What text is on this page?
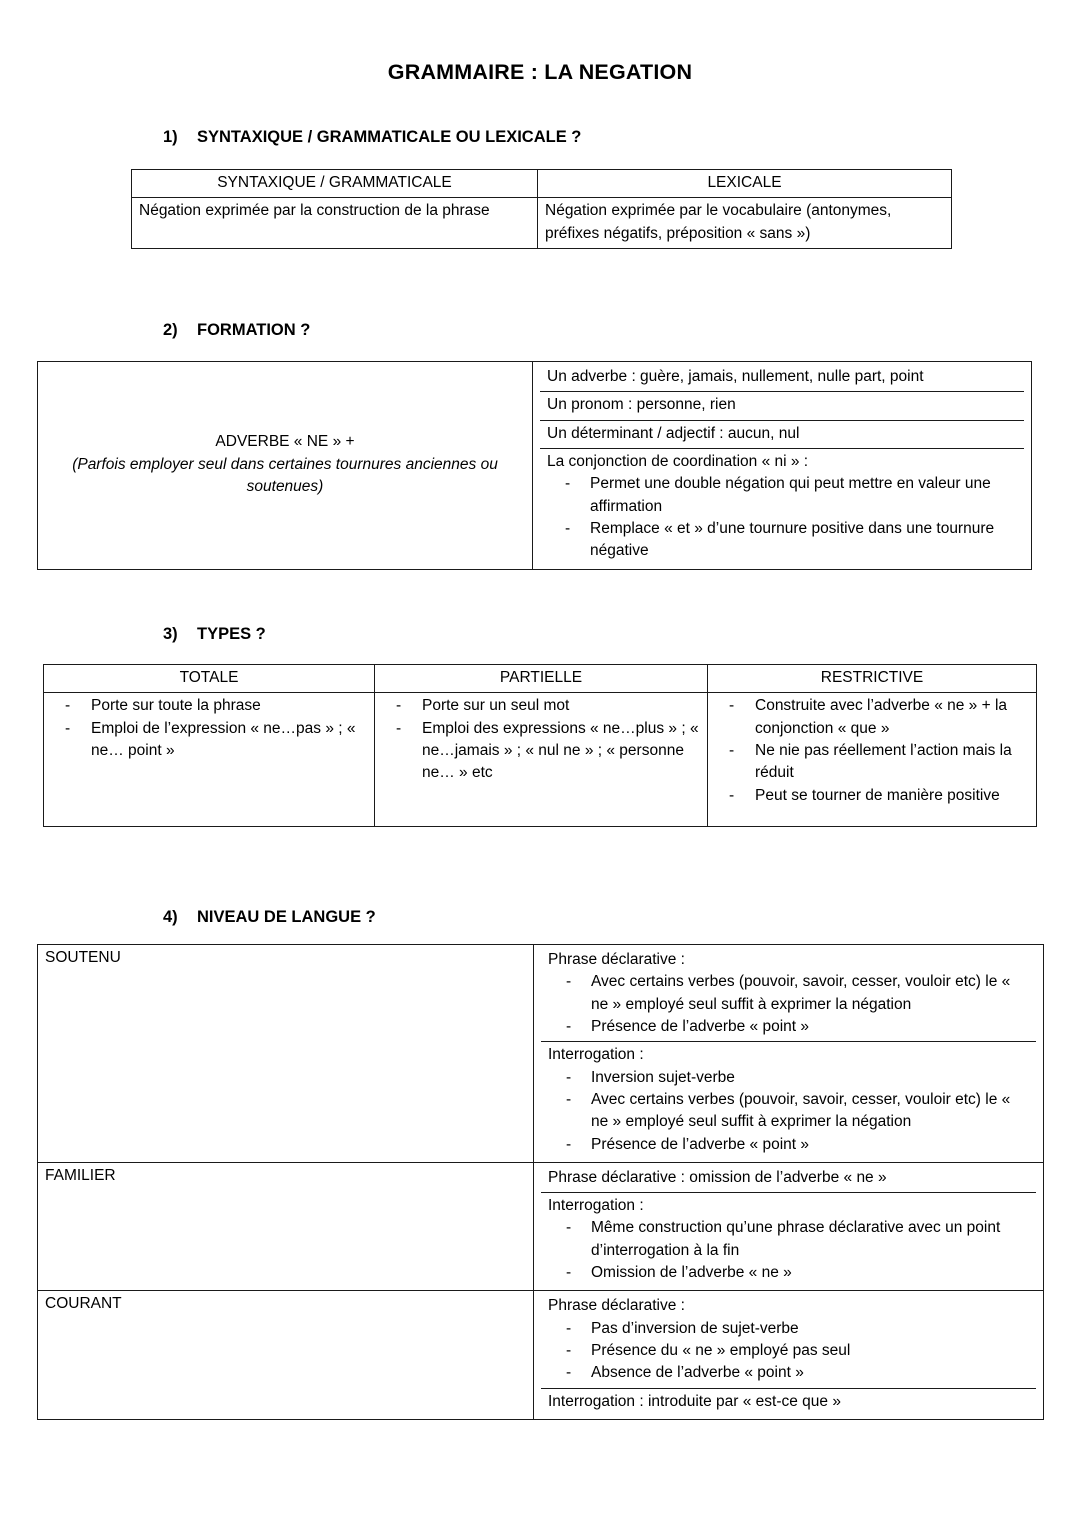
GRAMMAIRE : LA NEGATION
1) SYNTAXIQUE / GRAMMATICALE OU LEXICALE ?
SYNTAXIQUE / GRAMMATICALE	LEXICALE
Négation exprimée par la construction de la phrase	Négation exprimée par le vocabulaire (antonymes, préfixes négatifs, préposition « sans »)
2) FORMATION ?
ADVERBE « NE » +
(Parfois employer seul dans certaines tournures anciennes ou soutenues)

Un adverbe : guère, jamais, nullement, nulle part, point
Un pronom : personne, rien
Un déterminant / adjectif : aucun, nul

La conjonction de coordination « ni » :
- Permet une double négation qui peut mettre en valeur une affirmation
- Remplace « et » d’une tournure positive dans une tournure négative
3) TYPES ?
TOTALE	PARTIELLE	RESTRICTIVE

- Porte sur toute la phrase
- Emploi de l’expression « ne…pas » ; « ne… point »

- Porte sur un seul mot
- Emploi des expressions « ne…plus » ; « ne…jamais » ; « nul ne » ; « personne ne… » etc

- Construite avec l’adverbe « ne » + la conjonction « que »
- Ne nie pas réellement l’action mais la réduit
- Peut se tourner de manière positive
4) NIVEAU DE LANGUE ?
SOUTENU		Phrase déclarative :
- Avec certains verbes (pouvoir, savoir, cesser, vouloir etc) le « ne » employé seul suffit à exprimer la négation
- Présence de l’adverbe « point »

Interrogation :
- Inversion sujet-verbe
- Avec certains verbes (pouvoir, savoir, cesser, vouloir etc) le « ne » employé seul suffit à exprimer la négation
- Présence de l’adverbe « point »

FAMILIER		Phrase déclarative : omission de l’adverbe « ne »

Interrogation :
- Même construction qu’une phrase déclarative avec un point d’interrogation à la fin
- Omission de l’adverbe « ne »

COURANT		Phrase déclarative :
- Pas d’inversion de sujet-verbe
- Présence du « ne » employé pas seul
- Absence de l’adverbe « point »

Interrogation : introduite par « est-ce que »
